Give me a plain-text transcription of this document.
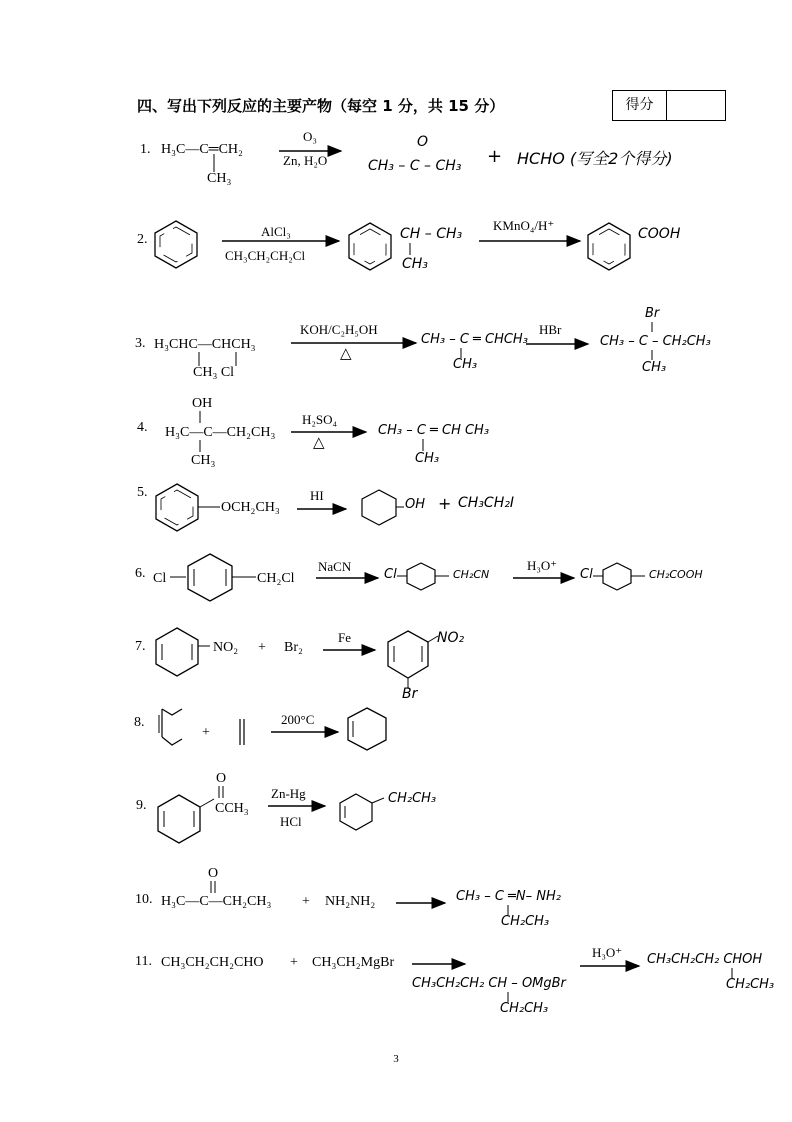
四、写出下列反应的主要产物（每空 1 分，共 15 分）	得分
1. H₃C—C═CH₂
CH₃
O₃
Zn, H₂O
O
CH₃ – C – CH₃ + HCHO (写全2个得分)
2.
AlCl₃
CH₃CH₂CH₂Cl
CH – CH₃
CH₃
KMnO₄/H⁺
COOH
3. H₃CHC—CHCH₃
CH₃ Cl
KOH/C₂H₅OH
△
CH₃ – C ═ CHCH₃
CH₃
HBr
Br
CH₃ – C – CH₂CH₃
CH₃
OH
4. H₃C—C—CH₂CH₃
CH₃
H₂SO₄
△
CH₃ – C ═ CH CH₃
CH₃
5.
OCH₂CH₃
HI
OH + CH₃CH₂I
6. Cl	CH₂Cl
NaCN
Cl	CH₂CN
H₃O⁺
→ Cl	CH₂COOH
7.	NO₂ + Br₂
Fe	NO₂
Br
8.
+
200°C
O
9.	CCH₃
Zn-Hg
HCl
CH₂CH₃
O
10. H₃C—C—CH₂CH₃ + NH₂NH₂ → CH₃ – C ═N– NH₂
CH₂CH₃
11. CH₃CH₂CH₂CHO + CH₃CH₂MgBr →
CH₃CH₂CH₂ CH – OMgBr
CH₂CH₃
H₃O⁺ → CH₃CH₂CH₂ CHOH
CH₂CH₃
3
